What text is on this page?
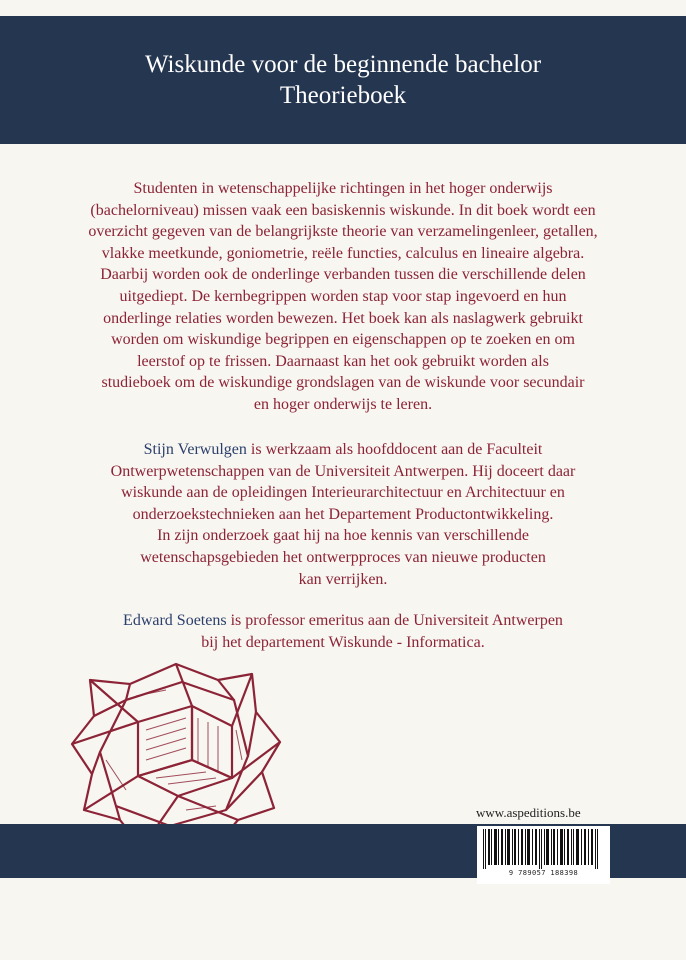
Wiskunde voor de beginnende bachelor
Theorieboek

Studenten in wetenschappelijke richtingen in het hoger onderwijs
(bachelorniveau) missen vaak een basiskennis wiskunde. In dit boek wordt een
overzicht gegeven van de belangrijkste theorie van verzamelingenleer, getallen,
vlakke meetkunde, goniometrie, reële functies, calculus en lineaire algebra.
Daarbij worden ook de onderlinge verbanden tussen die verschillende delen
uitgediept. De kernbegrippen worden stap voor stap ingevoerd en hun
onderlinge relaties worden bewezen. Het boek kan als naslagwerk gebruikt
worden om wiskundige begrippen en eigenschappen op te zoeken en om
leerstof op te frissen. Daarnaast kan het ook gebruikt worden als
studieboek om de wiskundige grondslagen van de wiskunde voor secundair
en hoger onderwijs te leren.

Stijn Verwulgen is werkzaam als hoofddocent aan de Faculteit
Ontwerpwetenschappen van de Universiteit Antwerpen. Hij doceert daar
wiskunde aan de opleidingen Interieurarchitectuur en Architectuur en
onderzoekstechnieken aan het Departement Productontwikkeling.
In zijn onderzoek gaat hij na hoe kennis van verschillende
wetenschapsgebieden het ontwerpproces van nieuwe producten
kan verrijken.

Edward Soetens is professor emeritus aan de Universiteit Antwerpen
bij het departement Wiskunde - Informatica.

www.aspeditions.be
9 789057 188398
